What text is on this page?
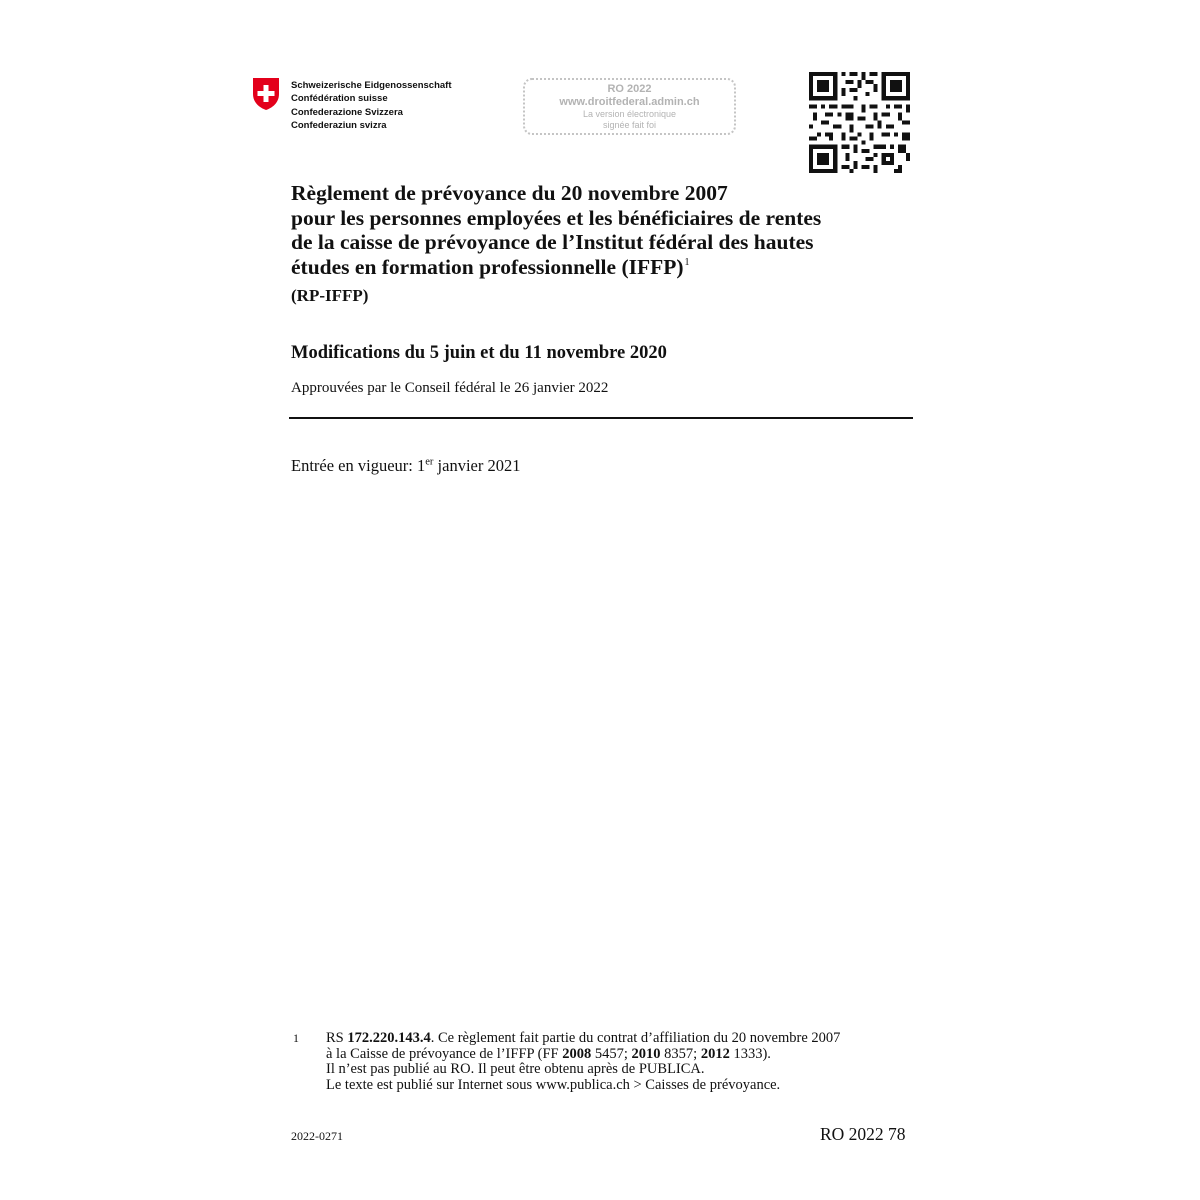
Schweizerische Eidgenossenschaft
Confédération suisse
Confederazione Svizzera
Confederaziun svizra
RO 2022
www.droitfederal.admin.ch
La version électronique
signée fait foi
Règlement de prévoyance du 20 novembre 2007
pour les personnes employées et les bénéficiaires de rentes
de la caisse de prévoyance de l’Institut fédéral des hautes
études en formation professionnelle (IFFP)$^1$
(RP-IFFP)
Modifications du 5 juin et du 11 novembre 2020
Approuvées par le Conseil fédéral le 26 janvier 2022
Entrée en vigueur: 1er janvier 2021
1 RS 172.220.143.4. Ce règlement fait partie du contrat d’affiliation du 20 novembre 2007
à la Caisse de prévoyance de l’IFFP (FF 2008 5457; 2010 8357; 2012 1333).
Il n’est pas publié au RO. Il peut être obtenu après de PUBLICA.
Le texte est publié sur Internet sous www.publica.ch > Caisses de prévoyance.
2022-0271	RO 2022 78
